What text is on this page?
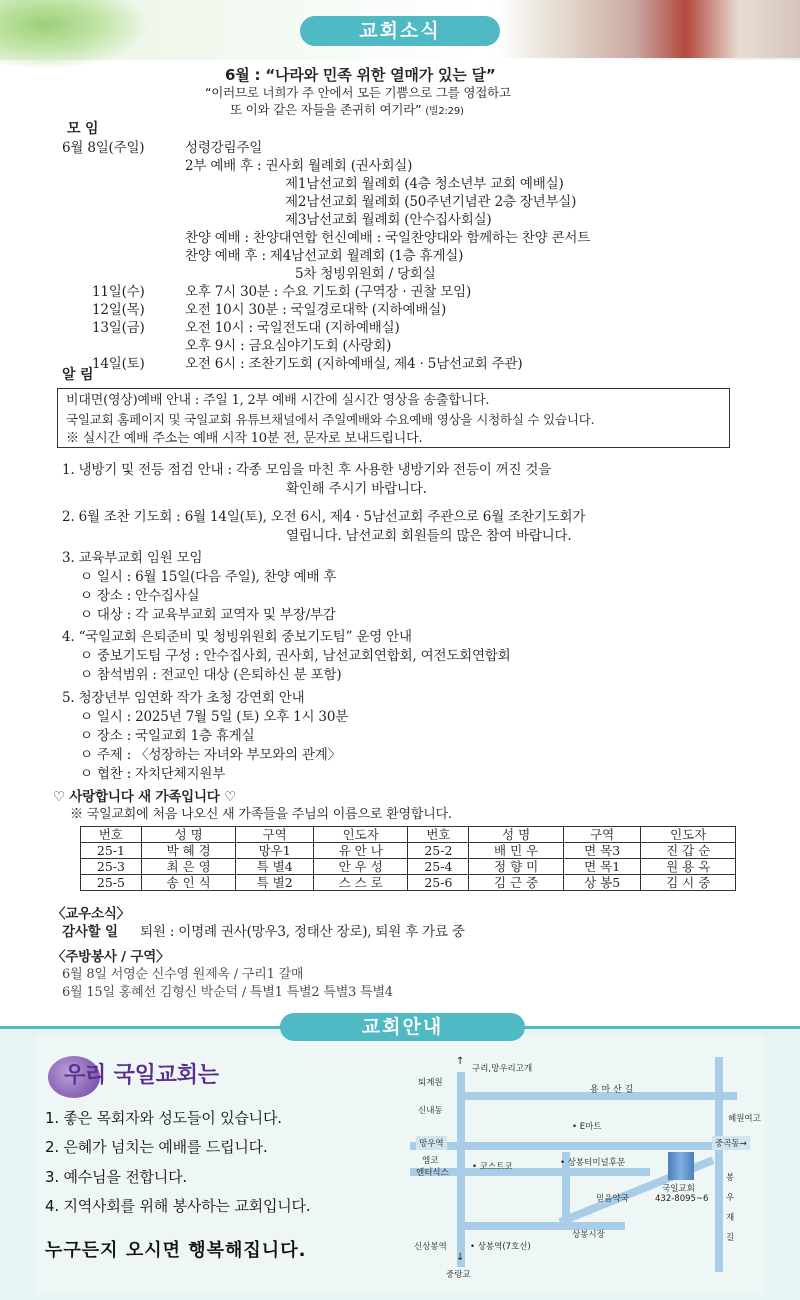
교회소식
6월 : “나라와 민족 위한 열매가 있는 달”
“이러므로 너희가 주 안에서 모든 기쁨으로 그를 영접하고
또 이와 같은 자들을 존귀히 여기라” (빌2:29)
모 임
6월 8일(주일)	성령강림주일
2부 예배 후 : 권사회 월례회 (권사회실)
제1남선교회 월례회 (4층 청소년부 교회 예배실)
제2남선교회 월례회 (50주년기념관 2층 장년부실)
제3남선교회 월례회 (안수집사회실)
찬양 예배 : 찬양대연합 헌신예배 : 국일찬양대와 함께하는 찬양 콘서트
찬양 예배 후 : 제4남선교회 월례회 (1층 휴게실)
5차 청빙위원회 / 당회실
11일(수)	오후 7시 30분 : 수요 기도회 (구역장 · 권찰 모임)
12일(목)	오전 10시 30분 : 국일경로대학 (지하예배실)
13일(금)	오전 10시 : 국일전도대 (지하예배실)
오후 9시 : 금요심야기도회 (사랑회)
14일(토)	오전 6시 : 조찬기도회 (지하예배실, 제4 · 5남선교회 주관)
알 림
비대면(영상)예배 안내 : 주일 1, 2부 예배 시간에 실시간 영상을 송출합니다.
국일교회 홈페이지 및 국일교회 유튜브채널에서 주일예배와 수요예배 영상을 시청하실 수 있습니다.
※ 실시간 예배 주소는 예배 시작 10분 전, 문자로 보내드립니다.
1. 냉방기 및 전등 점검 안내 : 각종 모임을 마친 후 사용한 냉방기와 전등이 꺼진 것을
확인해 주시기 바랍니다.
2. 6월 조찬 기도회 : 6월 14일(토), 오전 6시, 제4 · 5남선교회 주관으로 6월 조찬기도회가
열립니다. 남선교회 회원들의 많은 참여 바랍니다.
3. 교육부교회 임원 모임
ㅇ 일시 : 6월 15일(다음 주일), 찬양 예배 후
ㅇ 장소 : 안수집사실
ㅇ 대상 : 각 교육부교회 교역자 및 부장/부감
4. “국일교회 은퇴준비 및 청빙위원회 중보기도팀” 운영 안내
ㅇ 중보기도팀 구성 : 안수집사회, 권사회, 남선교회연합회, 여전도회연합회
ㅇ 참석범위 : 전교인 대상 (은퇴하신 분 포함)
5. 청장년부 임연화 작가 초청 강연회 안내
ㅇ 일시 : 2025년 7월 5일 (토) 오후 1시 30분
ㅇ 장소 : 국일교회 1층 휴게실
ㅇ 주제 : 〈성장하는 자녀와 부모와의 관계〉
ㅇ 협찬 : 자치단체지원부
♡ 사랑합니다 새 가족입니다 ♡
※ 국일교회에 처음 나오신 새 가족들을 주님의 이름으로 환영합니다.
번호	성 명	구역	인도자	번호	성 명	구역	인도자
25-1	박 혜 경	망우1	유 안 나	25-2	배 민 우	면 목3	진 갑 순
25-3	최 은 영	특 별4	안 우 성	25-4	정 향 미	면 목1	원 용 옥
25-5	송 인 식	특 별2	스 스 로	25-6	김 근 중	상 봉5	김 시 중
〈교우소식〉
감사할 일 퇴원 : 이명례 권사(망우3, 정태산 장로), 퇴원 후 가료 중
〈주방봉사 / 구역〉
6월 8일 서영순 신수영 원제옥 / 구리1 갈매
6월 15일 홍혜선 김형신 박순덕 / 특별1 특별2 특별3 특별4
교회안내
우리 국일교회는
1. 좋은 목회자와 성도들이 있습니다.
2. 은혜가 넘치는 예배를 드립니다.
3. 예수님을 전합니다.
4. 지역사회를 위해 봉사하는 교회입니다.
누구든지 오시면 행복해집니다.
↑
구리,망우리고개
용 마 산 길
퇴계원
신내동
망우역
엠코
엔터식스
신상봉역
• E마트
• 코스트코	• 상봉터미널후문
믿음약국
상봉시장
• 상봉역(7호선)
↓
중랑교
혜원여고
중곡동→
국일교회
432-8095~6
봉 우 재 길
